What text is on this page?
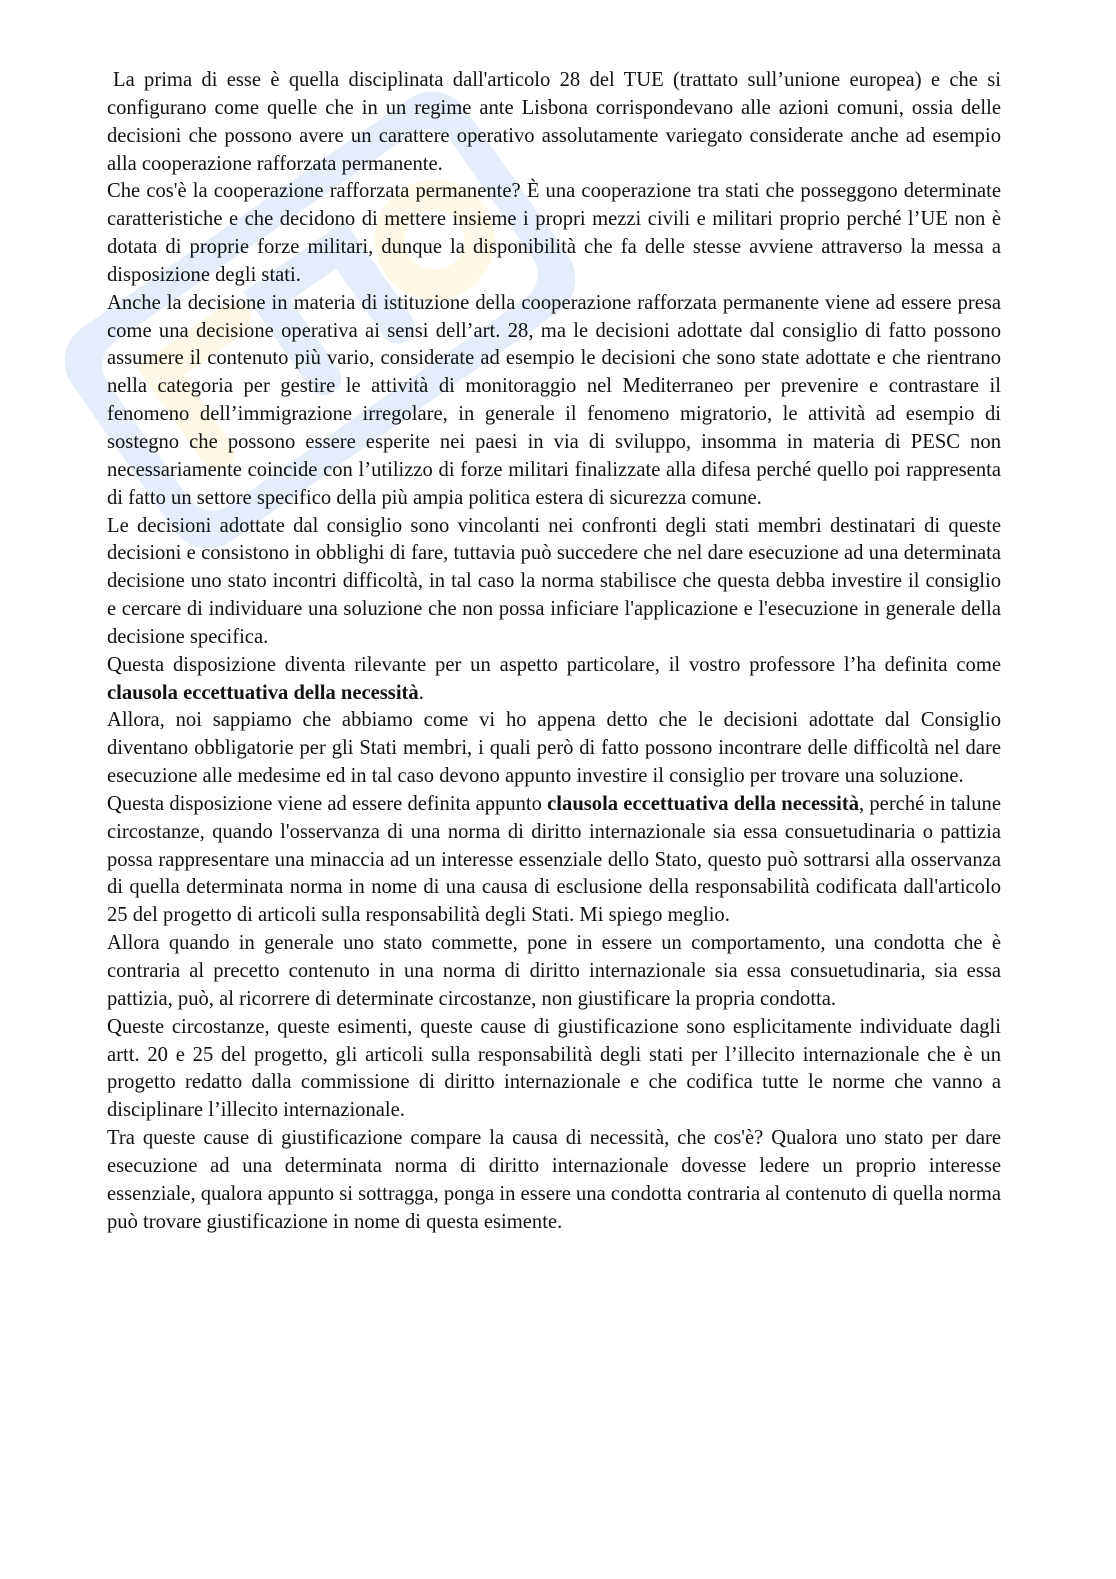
La prima di esse è quella disciplinata dall'articolo 28 del TUE (trattato sull’unione europea) e che si configurano come quelle che in un regime ante Lisbona corrispondevano alle azioni comuni, ossia delle decisioni che possono avere un carattere operativo assolutamente variegato considerate anche ad esempio alla cooperazione rafforzata permanente.

Che cos'è la cooperazione rafforzata permanente? È una cooperazione tra stati che posseggono determinate caratteristiche e che decidono di mettere insieme i propri mezzi civili e militari proprio perché l’UE non è dotata di proprie forze militari, dunque la disponibilità che fa delle stesse avviene attraverso la messa a disposizione degli stati.

Anche la decisione in materia di istituzione della cooperazione rafforzata permanente viene ad essere presa come una decisione operativa ai sensi dell’art. 28, ma le decisioni adottate dal consiglio di fatto possono assumere il contenuto più vario, considerate ad esempio le decisioni che sono state adottate e che rientrano nella categoria per gestire le attività di monitoraggio nel Mediterraneo per prevenire e contrastare il fenomeno dell’immigrazione irregolare, in generale il fenomeno migratorio, le attività ad esempio di sostegno che possono essere esperite nei paesi in via di sviluppo, insomma in materia di PESC non necessariamente coincide con l’utilizzo di forze militari finalizzate alla difesa perché quello poi rappresenta di fatto un settore specifico della più ampia politica estera di sicurezza comune.

Le decisioni adottate dal consiglio sono vincolanti nei confronti degli stati membri destinatari di queste decisioni e consistono in obblighi di fare, tuttavia può succedere che nel dare esecuzione ad una determinata decisione uno stato incontri difficoltà, in tal caso la norma stabilisce che questa debba investire il consiglio e cercare di individuare una soluzione che non possa inficiare l'applicazione e l'esecuzione in generale della decisione specifica.

Questa disposizione diventa rilevante per un aspetto particolare, il vostro professore l’ha definita come clausola eccettuativa della necessità.

Allora, noi sappiamo che abbiamo come vi ho appena detto che le decisioni adottate dal Consiglio diventano obbligatorie per gli Stati membri, i quali però di fatto possono incontrare delle difficoltà nel dare esecuzione alle medesime ed in tal caso devono appunto investire il consiglio per trovare una soluzione.

Questa disposizione viene ad essere definita appunto clausola eccettuativa della necessità, perché in talune circostanze, quando l'osservanza di una norma di diritto internazionale sia essa consuetudinaria o pattizia possa rappresentare una minaccia ad un interesse essenziale dello Stato, questo può sottrarsi alla osservanza di quella determinata norma in nome di una causa di esclusione della responsabilità codificata dall'articolo 25 del progetto di articoli sulla responsabilità degli Stati. Mi spiego meglio.

Allora quando in generale uno stato commette, pone in essere un comportamento, una condotta che è contraria al precetto contenuto in una norma di diritto internazionale sia essa consuetudinaria, sia essa pattizia, può, al ricorrere di determinate circostanze, non giustificare la propria condotta.

Queste circostanze, queste esimenti, queste cause di giustificazione sono esplicitamente individuate dagli artt. 20 e 25 del progetto, gli articoli sulla responsabilità degli stati per l’illecito internazionale che è un progetto redatto dalla commissione di diritto internazionale e che codifica tutte le norme che vanno a disciplinare l’illecito internazionale.

Tra queste cause di giustificazione compare la causa di necessità, che cos'è? Qualora uno stato per dare esecuzione ad una determinata norma di diritto internazionale dovesse ledere un proprio interesse essenziale, qualora appunto si sottragga, ponga in essere una condotta contraria al contenuto di quella norma può trovare giustificazione in nome di questa esimente.
